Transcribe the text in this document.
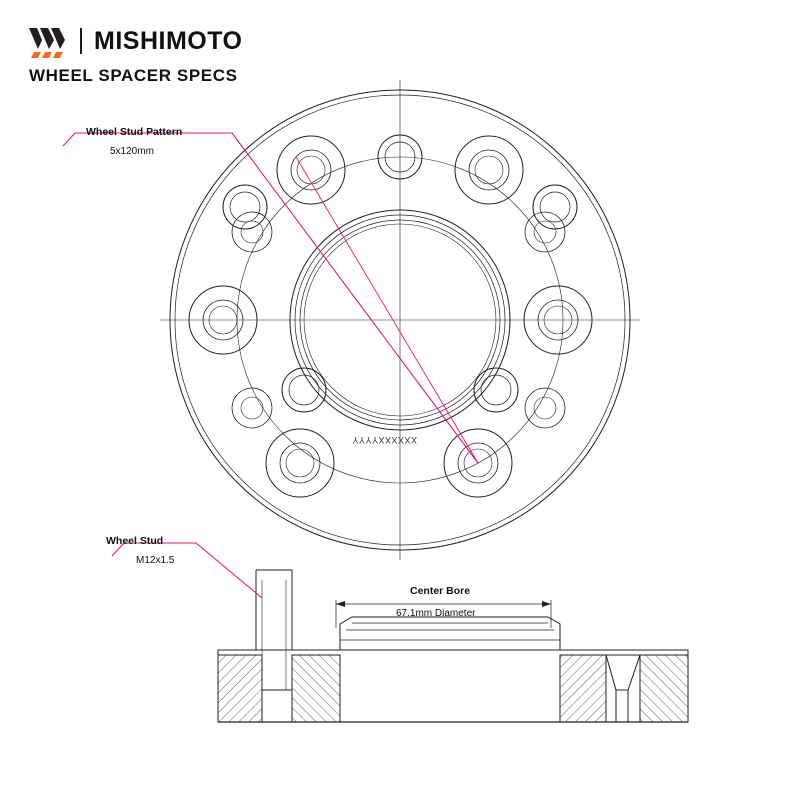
MISHIMOTO
WHEEL SPACER SPECS
Wheel Stud Pattern
5x120mm
Wheel Stud
M12x1.5
Center Bore
67.1mm Diameter
XXXXXXYYYY
